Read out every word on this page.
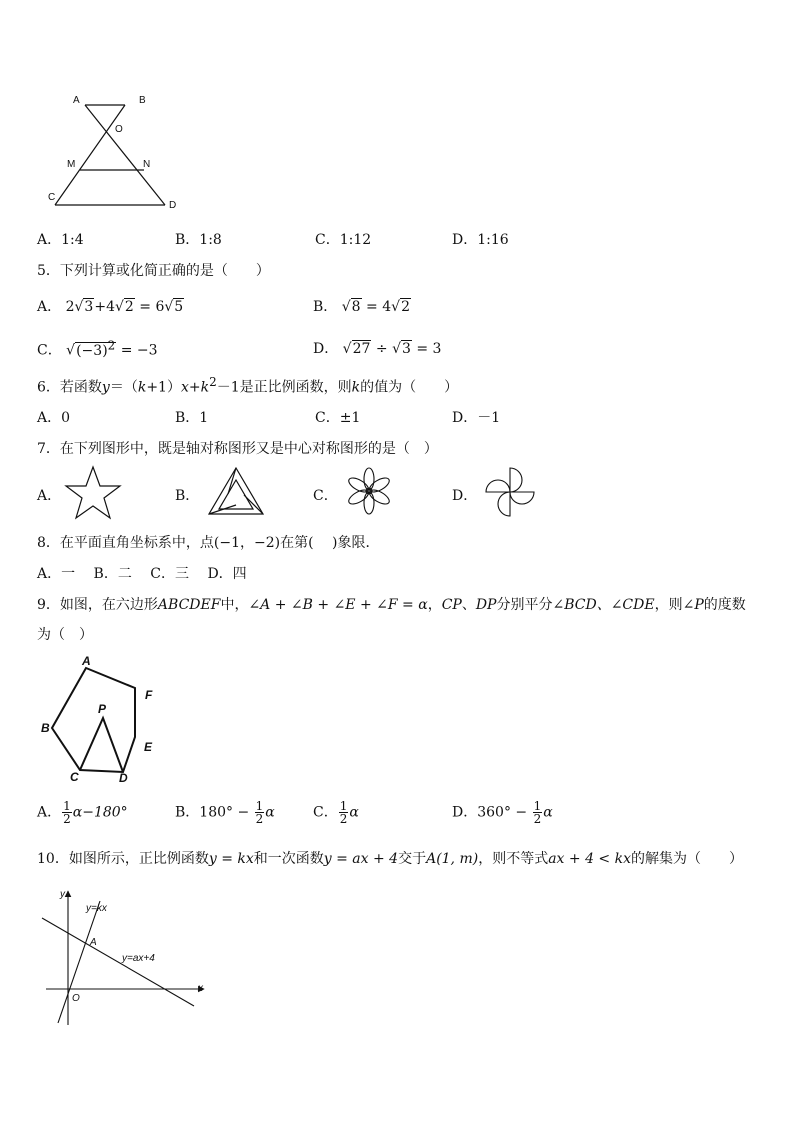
A	B
O
M	N
C
D
A．1:4	B．1:8	C．1:12	D．1:16
5．下列计算或化简正确的是（　　）
A． 2√3+4√2 = 6√5	B． √8 = 4√2
C． $√(-3)^2 = -3$	D． √27 ÷ √3 = 3
6．若函数$y=(k+1)x+k^2-1$是正比例函数，则k的值为（　　）
A．0	B．1	C．±1	D．－1
7．在下列图形中，既是轴对称图形又是中心对称图形的是（　）
A．	B．	C．	D．
8．在平面直角坐标系中，点(−1，−2)在第(　 )象限．
A．一　 B．二　 C．三　 D．四
9．如图，在六边形ABCDEF中，∠A + ∠B + ∠E + ∠F = α，CP、DP分别平分∠BCD、∠CDE，则∠P的度数
为（　）
A
B
C	D
E
F
P
A． $\frac{1}{2} \alpha-180^\circ$	B．$180^\circ - \frac{1}{2}$ α	C． $\frac{1}{2}$ α	D．$360^\circ - \frac{1}{2}$ α
10．如图所示，正比例函数y = kx和一次函数y = ax + 4交于A(1, m)，则不等式ax + 4 < kx的解集为（　　）
y
x
O
A
y=kx
y=ax+4
